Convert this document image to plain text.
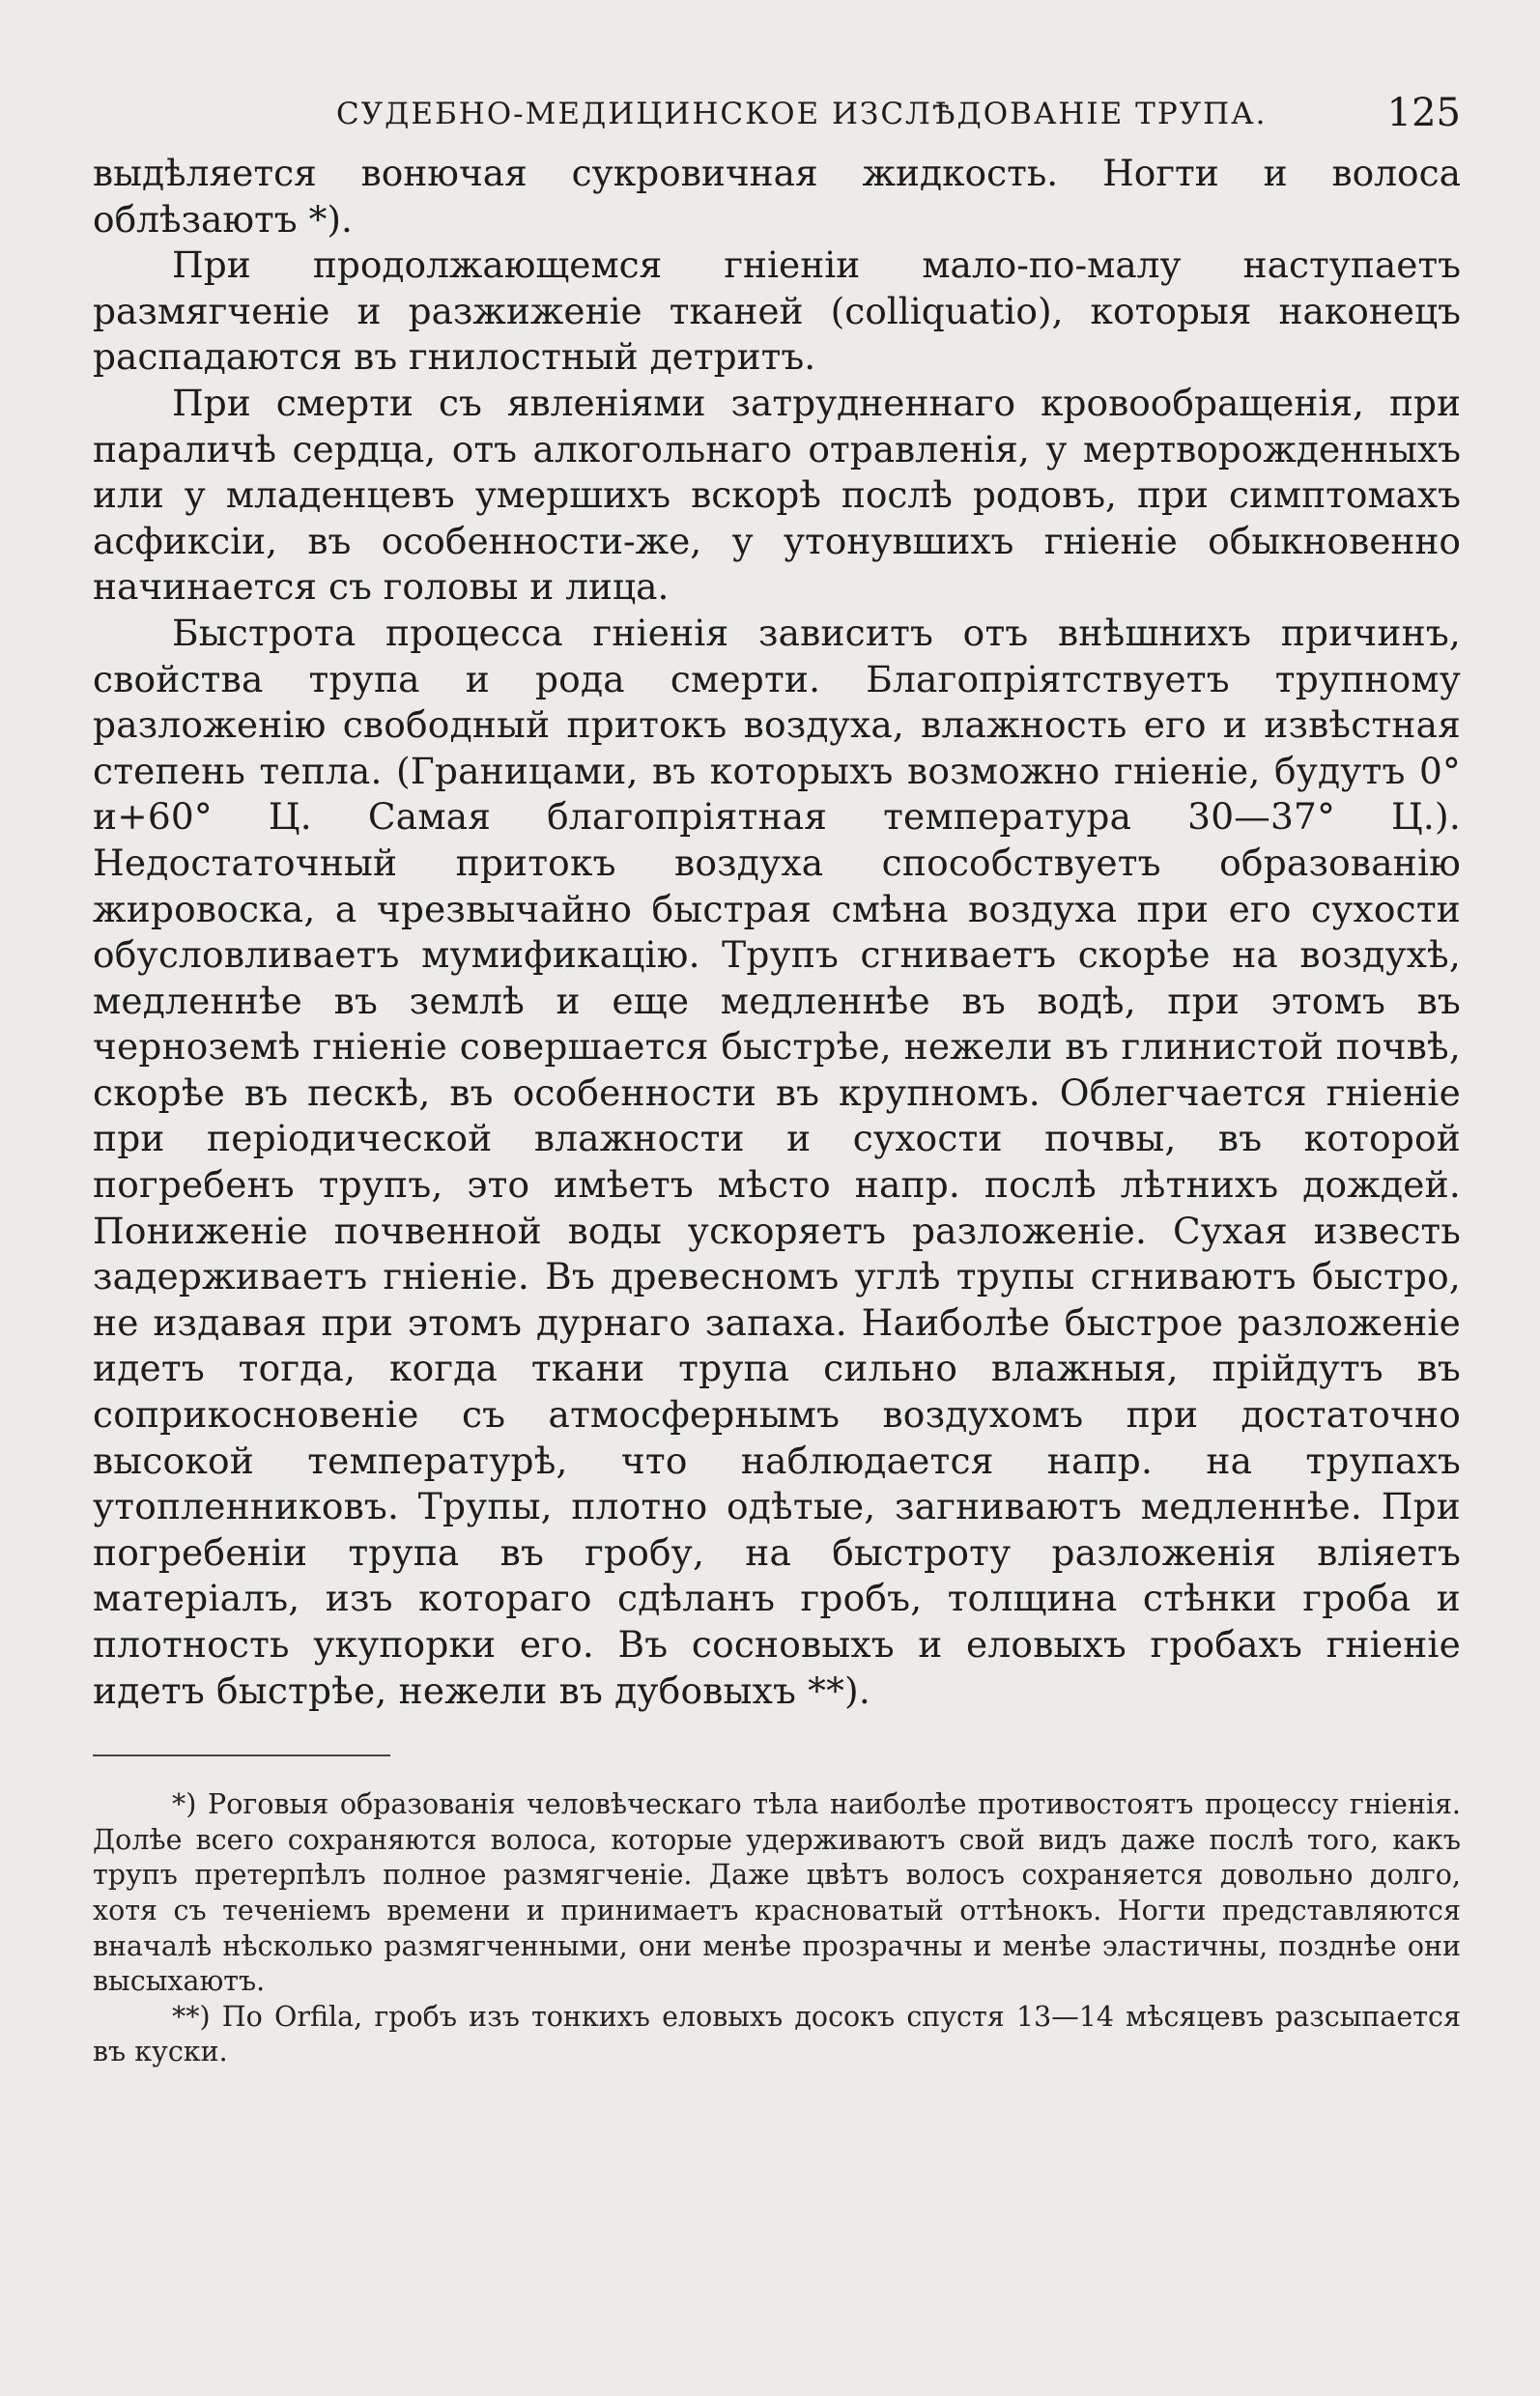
СУДЕБНО-МЕДИЦИНСКОЕ ИЗСЛѢДОВАНІЕ ТРУПА.	125

выдѣляется вонючая сукровичная жидкость. Ногти и волоса облѣзаютъ *).

При продолжающемся гніеніи мало-по-малу наступаетъ размягченіе и разжиженіе тканей (colliquatio), которыя наконецъ распадаются въ гнилостный детритъ.

При смерти съ явленіями затрудненнаго кровообращенія, при параличѣ сердца, отъ алкогольнаго отравленія, у мертворожденныхъ или у младенцевъ умершихъ вскорѣ послѣ родовъ, при симптомахъ асфиксіи, въ особенности-же, у утонувшихъ гніеніе обыкновенно начинается съ головы и лица.

Быстрота процесса гніенія зависитъ отъ внѣшнихъ причинъ, свойства трупа и рода смерти. Благопріятствуетъ трупному разложенію свободный притокъ воздуха, влажность его и извѣстная степень тепла. (Границами, въ которыхъ возможно гніеніе, будутъ 0° и+60° Ц. Самая благопріятная температура 30—37° Ц.). Недостаточный притокъ воздуха способствуетъ образованію жировоска, а чрезвычайно быстрая смѣна воздуха при его сухости обусловливаетъ мумификацію. Трупъ сгниваетъ скорѣе на воздухѣ, медленнѣе въ землѣ и еще медленнѣе въ водѣ, при этомъ въ черноземѣ гніеніе совершается быстрѣе, нежели въ глинистой почвѣ, скорѣе въ пескѣ, въ особенности въ крупномъ. Облегчается гніеніе при періодической влажности и сухости почвы, въ которой погребенъ трупъ, это имѣетъ мѣсто напр. послѣ лѣтнихъ дождей. Пониженіе почвенной воды ускоряетъ разложеніе. Сухая известь задерживаетъ гніеніе. Въ древесномъ углѣ трупы сгниваютъ быстро, не издавая при этомъ дурнаго запаха. Наиболѣе быстрое разложеніе идетъ тогда, когда ткани трупа сильно влажныя, прійдутъ въ соприкосновеніе съ атмосфернымъ воздухомъ при достаточно высокой температурѣ, что наблюдается напр. на трупахъ утопленниковъ. Трупы, плотно одѣтые, загниваютъ медленнѣе. При погребеніи трупа въ гробу, на быстроту разложенія вліяетъ матеріалъ, изъ котораго сдѣланъ гробъ, толщина стѣнки гроба и плотность укупорки его. Въ сосновыхъ и еловыхъ гробахъ гніеніе идетъ быстрѣе, нежели въ дубовыхъ **).

*) Роговыя образованія человѣческаго тѣла наиболѣе противостоятъ процессу гніенія. Долѣе всего сохраняются волоса, которые удерживаютъ свой видъ даже послѣ того, какъ трупъ претерпѣлъ полное размягченіе. Даже цвѣтъ волосъ сохраняется довольно долго, хотя съ теченіемъ времени и принимаетъ красноватый оттѣнокъ. Ногти представляются вначалѣ нѣсколько размягченными, они менѣе прозрачны и менѣе эластичны, позднѣе они высыхаютъ.

**) По Orfila, гробъ изъ тонкихъ еловыхъ досокъ спустя 13—14 мѣсяцевъ разсыпается въ куски.
